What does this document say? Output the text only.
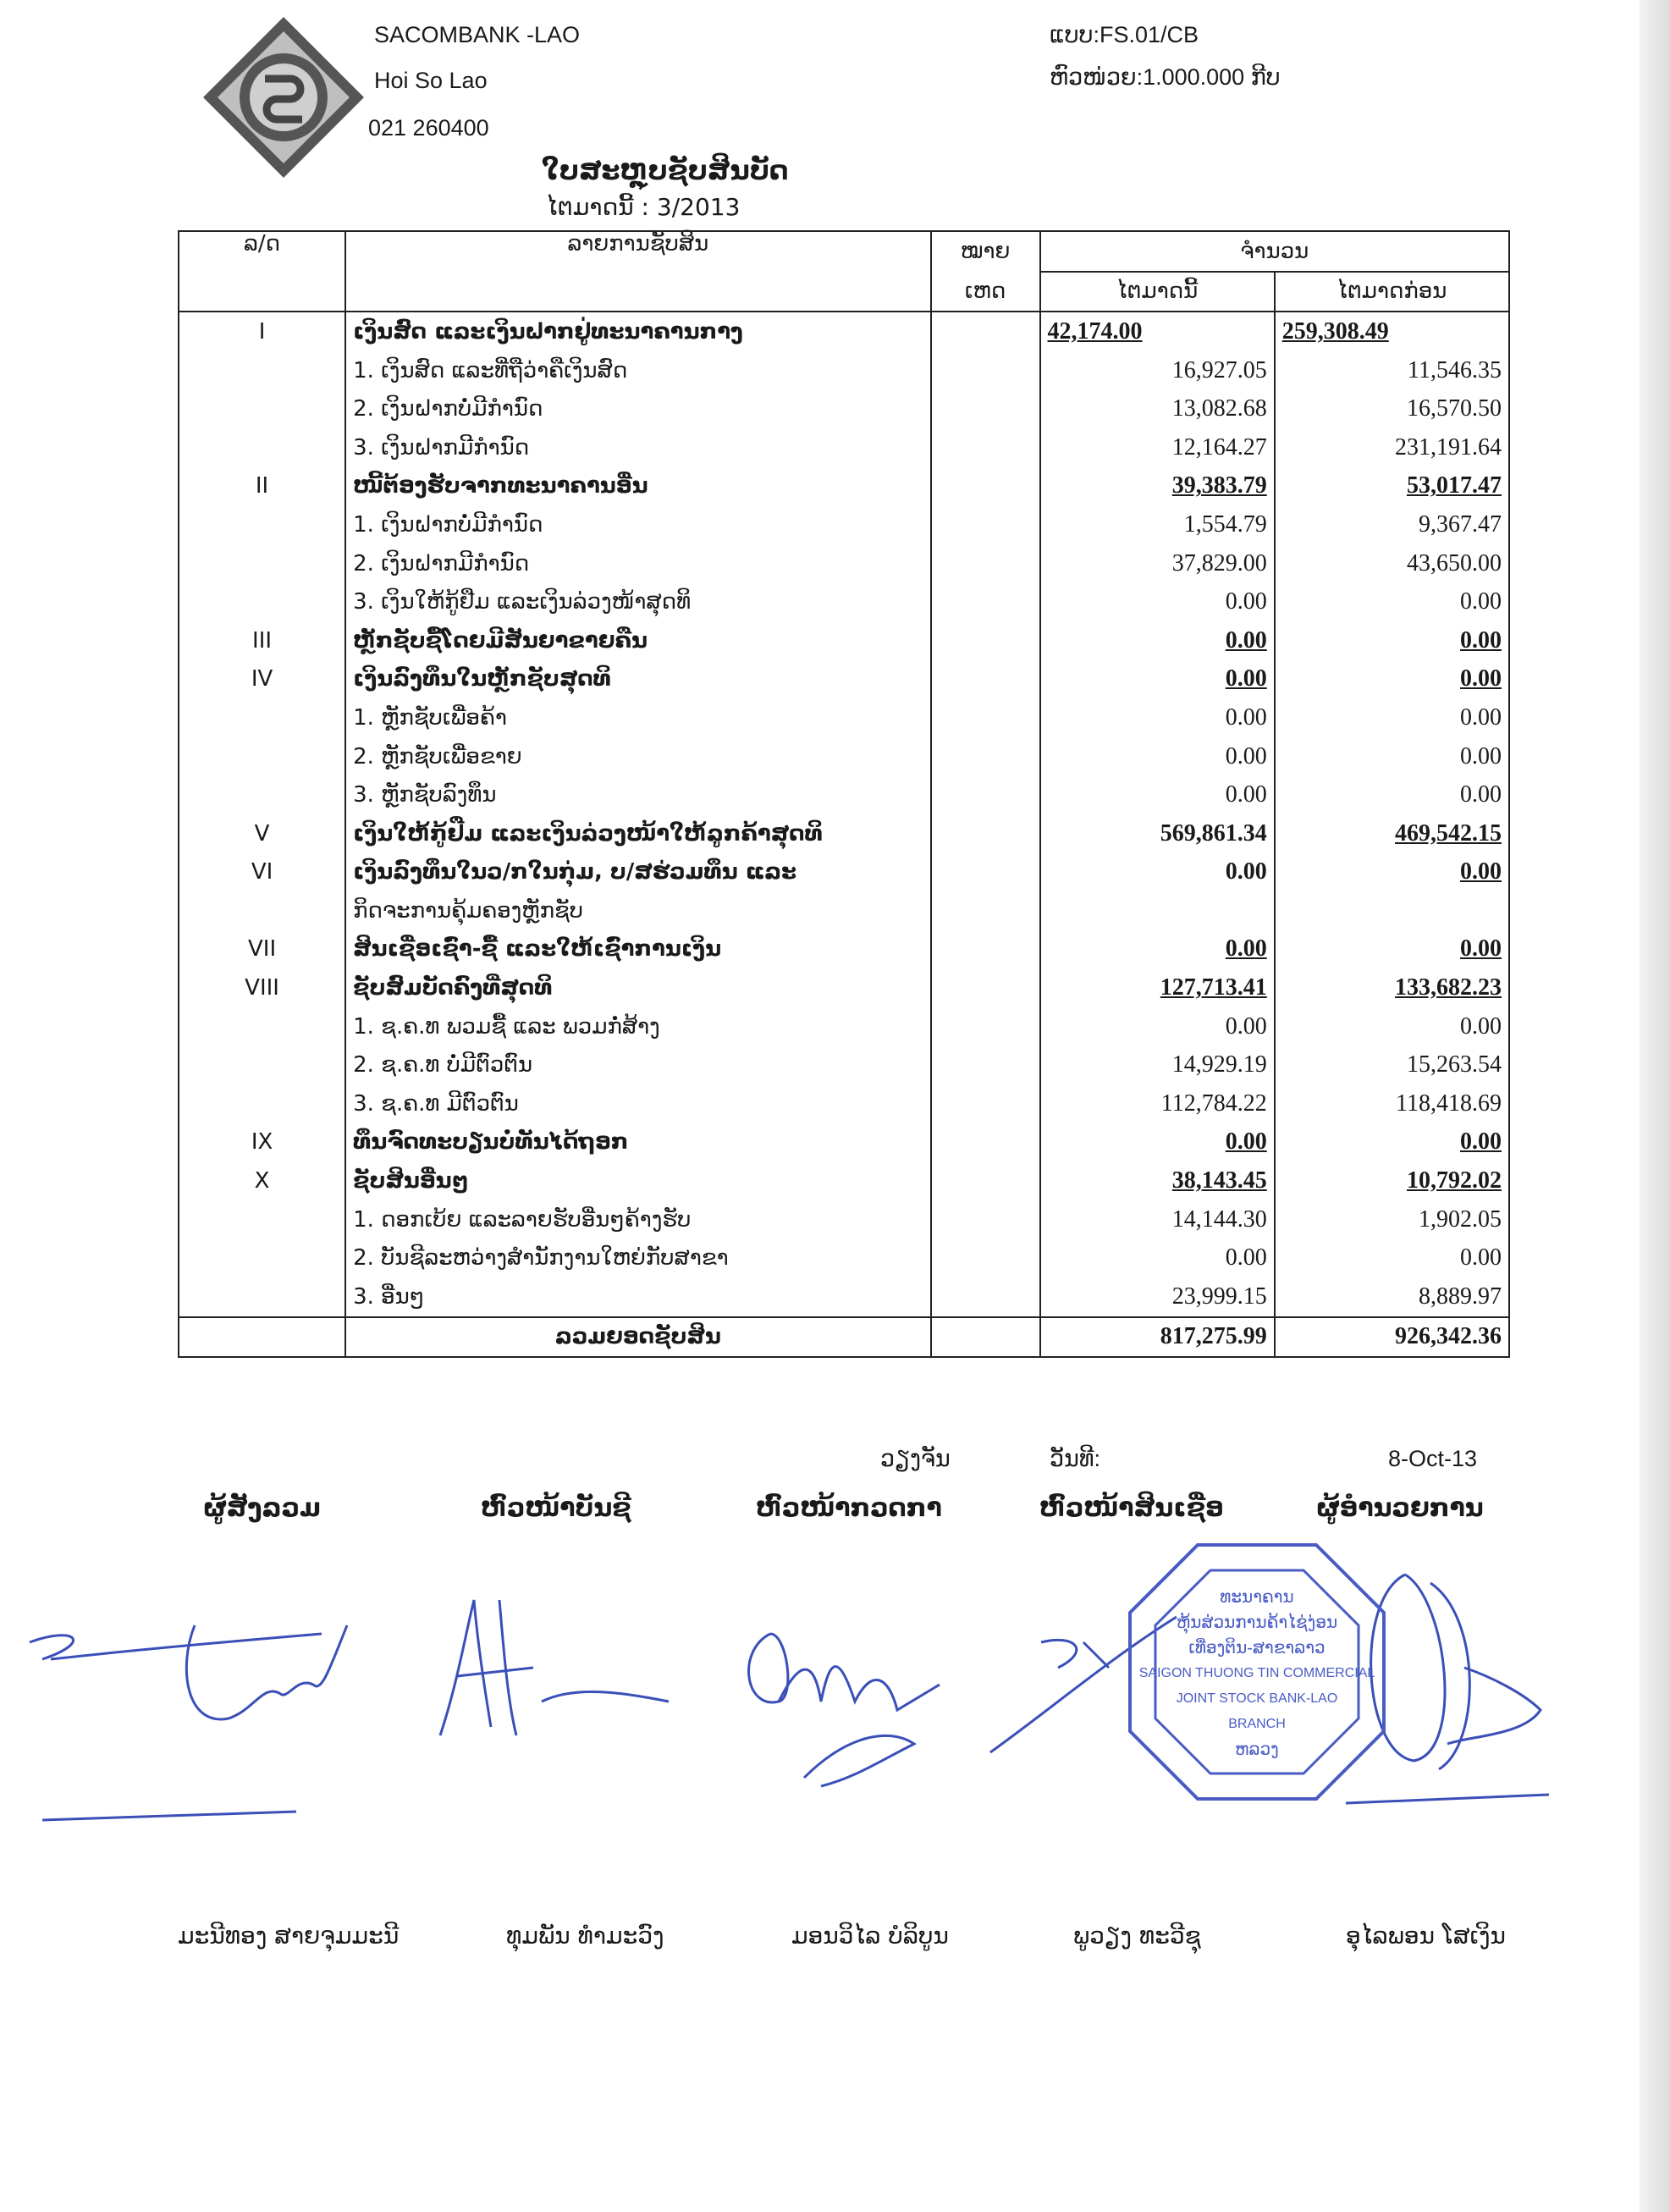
SACOMBANK -LAO
Hoi So Lao
021 260400
ແບບ:FS.01/CB
ຫົວໜ່ວຍ:1.000.000 ກີບ
ໃບສະຫຼຸບຊັບສິນບັດ
ໄຕມາດນີ້ : 3/2013
ລ/ດ	ລາຍການຊັບສິນ	ໝາຍ	ຈຳນວນ	
		ເຫດ	ໄຕມາດນີ້	ໄຕມາດກ່ອນ
I	ເງິນສົດ ແລະເງິນຝາກຢູ່ທະນາຄານກາງ		42,174.00	259,308.49
	1. ເງິນສົດ ແລະທີ່ຖືວ່າຄືເງິນສົດ		16,927.05	11,546.35
	2. ເງິນຝາກບໍ່ມີກຳນົດ		13,082.68	16,570.50
	3. ເງິນຝາກມີກຳນົດ		12,164.27	231,191.64
II	ໜີ້ຕ້ອງຮັບຈາກທະນາຄານອື່ນ		39,383.79	53,017.47
	1. ເງິນຝາກບໍ່ມີກຳນົດ		1,554.79	9,367.47
	2. ເງິນຝາກມີກຳນົດ		37,829.00	43,650.00
	3. ເງິນໃຫ້ກູ້ຢືມ ແລະເງິນລ່ວງໜ້າສຸດທິ		0.00	0.00
III	ຫຼັກຊັບຊື້ໂດຍມີສັນຍາຂາຍຄືນ		0.00	0.00
IV	ເງິນລົງທຶນໃນຫຼັກຊັບສຸດທິ		0.00	0.00
	1. ຫຼັກຊັບເພື່ອຄ້າ		0.00	0.00
	2. ຫຼັກຊັບເພື່ອຂາຍ		0.00	0.00
	3. ຫຼັກຊັບລົງທຶນ		0.00	0.00
V	ເງິນໃຫ້ກູ້ຢືມ ແລະເງິນລ່ວງໜ້າໃຫ້ລູກຄ້າສຸດທິ		569,861.34	469,542.15
VI	ເງິນລົງທຶນໃນວ/ກໃນກຸ່ມ, ບ/ສຮ່ວມທຶນ ແລະ		0.00	0.00
	ກິດຈະການຄຸ້ມຄອງຫຼັກຊັບ			
VII	ສິນເຊື່ອເຊົ່າ-ຊື້ ແລະໃຫ້ເຊົ່າການເງິນ		0.00	0.00
VIII	ຊັບສົມບັດຄົງທີ່ສຸດທິ		127,713.41	133,682.23
	1. ຊ.ຄ.ທ ພວມຊື້ ແລະ ພວມກໍ່ສ້າງ		0.00	0.00
	2. ຊ.ຄ.ທ ບໍ່ມີຕົວຕົນ		14,929.19	15,263.54
	3. ຊ.ຄ.ທ ມີຕົວຕົນ		112,784.22	118,418.69
IX	ທຶນຈົດທະບຽນບໍ່ທັນໄດ້ຖອກ		0.00	0.00
X	ຊັບສິນອື່ນໆ		38,143.45	10,792.02
	1. ດອກເບ້ຍ ແລະລາຍຮັບອື່ນໆຄ້າງຮັບ		14,144.30	1,902.05
	2. ບັນຊີລະຫວ່າງສຳນັກງານໃຫຍ່ກັບສາຂາ		0.00	0.00
	3. ອື່ນໆ		23,999.15	8,889.97
	ລວມຍອດຊັບສິນ		817,275.99	926,342.36
ວຽງຈັນ	ວັນທີ:	8-Oct-13
ຜູ້ສັງລວມ	ຫົວໜ້າບັນຊີ	ຫົວໜ້າກວດກາ	ຫົວໜ້າສິນເຊື່ອ	ຜູ້ອຳນວຍການ
ທະນາຄານ
ຫຸ້ນສ່ວນການຄ້າໄຊ່ງ່ອນ
ເທື່ອງຕິນ-ສາຂາລາວ
SAIGON THUONG TIN COMMERCIAL
JOINT STOCK BANK-LAO
BRANCH
ຫລວງ
ມະນີທອງ ສາຍຈຸມມະນີ	ທຸມພັນ ທຳມະວົງ	ມອນວິໄລ ບໍລິບູນ	ພູວຽງ ທະວີຊຸ	ອຸໄລພອນ ໂສເງິນ
